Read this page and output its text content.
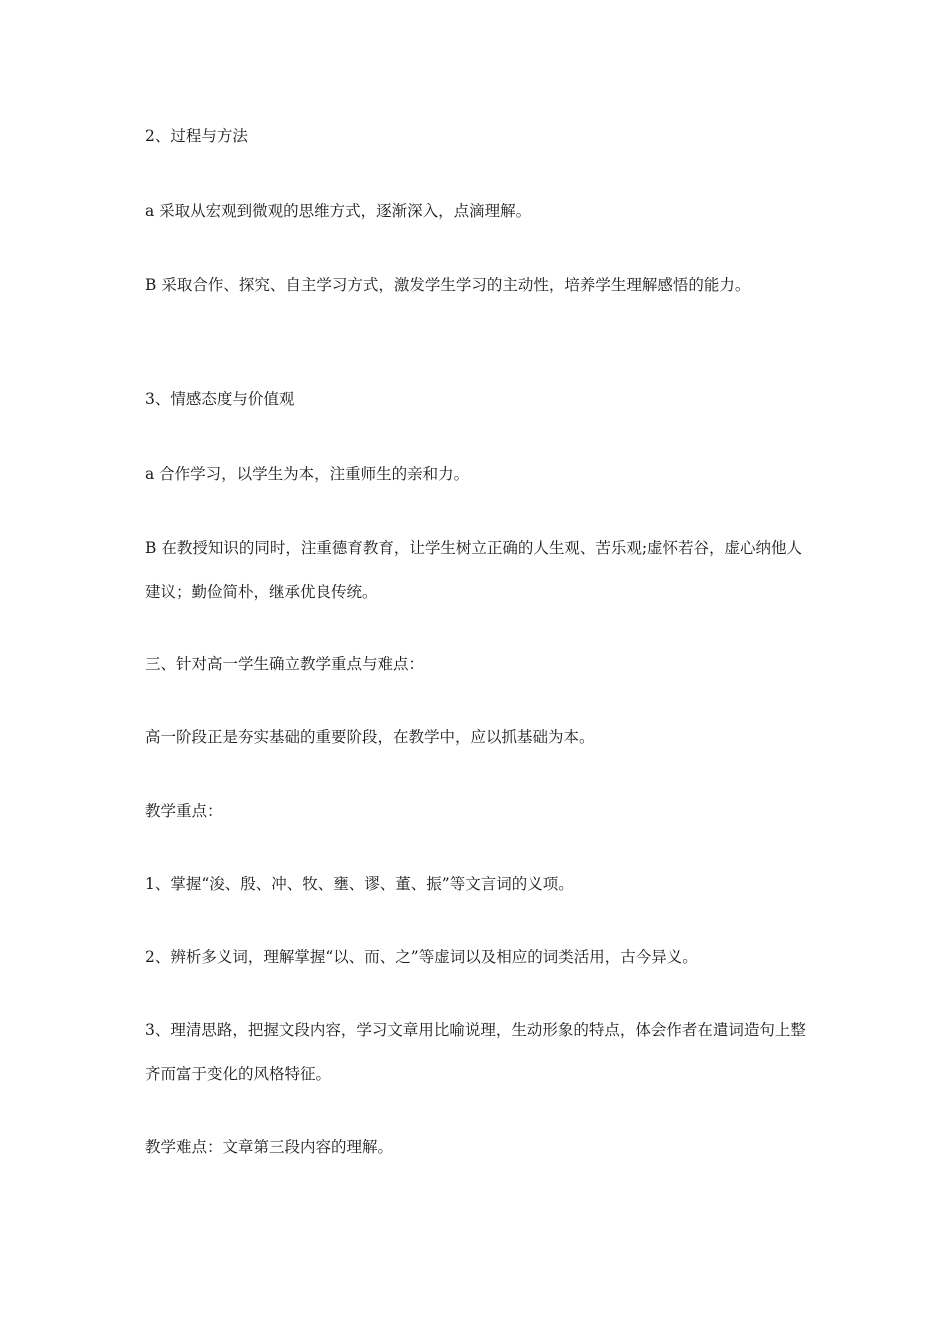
2、过程与方法

a 采取从宏观到微观的思维方式，逐渐深入，点滴理解。

B 采取合作、探究、自主学习方式，激发学生学习的主动性，培养学生理解感悟的能力。

3、情感态度与价值观

a 合作学习，以学生为本，注重师生的亲和力。

B 在教授知识的同时，注重德育教育，让学生树立正确的人生观、苦乐观;虚怀若谷，虚心纳他人建议；勤俭简朴，继承优良传统。

三、针对高一学生确立教学重点与难点：

高一阶段正是夯实基础的重要阶段，在教学中，应以抓基础为本。

教学重点：

1、掌握“浚、殷、冲、牧、壅、谬、董、振”等文言词的义项。

2、辨析多义词，理解掌握“以、而、之”等虚词以及相应的词类活用，古今异义。

3、理清思路，把握文段内容，学习文章用比喻说理，生动形象的特点，体会作者在遣词造句上整齐而富于变化的风格特征。

教学难点：文章第三段内容的理解。
